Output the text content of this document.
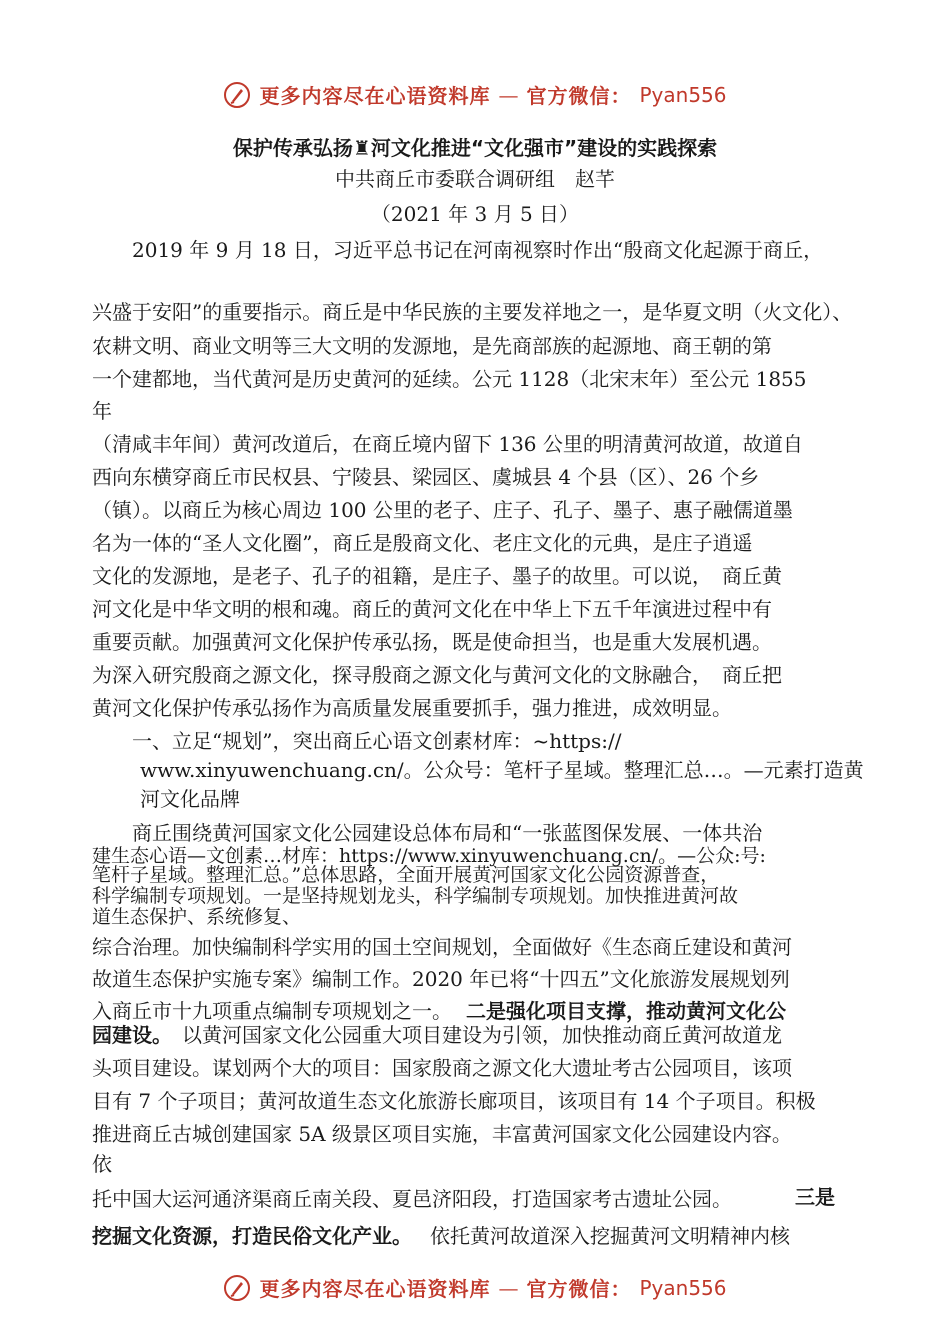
更多内容尽在心语资料库 — 官方微信： Pyan556
保护传承弘扬♜河文化推进“文化强市”建设的实践探索
中共商丘市委联合调研组　赵芊
（2021 年 3 月 5 日）
　　2019 年 9 月 18 日，习近平总书记在河南视察时作出“殷商文化起源于商丘，
兴盛于安阳”的重要指示。商丘是中华民族的主要发祥地之一，是华夏文明（火文化）、
农耕文明、商业文明等三大文明的发源地，是先商部族的起源地、商王朝的第
一个建都地，当代黄河是历史黄河的延续。公元 1128（北宋末年）至公元 1855
年
（清咸丰年间）黄河改道后，在商丘境内留下 136 公里的明清黄河故道，故道自
西向东横穿商丘市民权县、宁陵县、梁园区、虞城县 4 个县（区）、26 个乡
（镇）。以商丘为核心周边 100 公里的老子、庄子、孔子、墨子、惠子融儒道墨
名为一体的“圣人文化圈”，商丘是殷商文化、老庄文化的元典，是庄子逍遥
文化的发源地，是老子、孔子的祖籍，是庄子、墨子的故里。可以说，　商丘黄
河文化是中华文明的根和魂。商丘的黄河文化在中华上下五千年演进过程中有
重要贡献。加强黄河文化保护传承弘扬，既是使命担当，也是重大发展机遇。
为深入研究殷商之源文化，探寻殷商之源文化与黄河文化的文脉融合，　商丘把
黄河文化保护传承弘扬作为高质量发展重要抓手，强力推进，成效明显。
　　一、立足“规划”，突出商丘心语文创素材库：~https://
　　www.xinyuwenchuang.cn/。公众号：笔杆子星域。整理汇总…。—元素打造黄
　　河文化品牌
　　商丘围绕黄河国家文化公园建设总体布局和“一张蓝图保发展、一体共治
建生态心语—文创素…材库：https://www.xinyuwenchuang.cn/。—公众:号:
笔杆子星域。整理汇总。”总体思路，全面开展黄河国家文化公园资源普查，
科学编制专项规划。一是坚持规划龙头，科学编制专项规划。加快推进黄河故
道生态保护、系统修复、
综合治理。加快编制科学实用的国土空间规划，全面做好《生态商丘建设和黄河
故道生态保护实施专案》编制工作。2020 年已将“十四五”文化旅游发展规划列
入商丘市十九项重点编制专项规划之一。 二是强化项目支撑，推动黄河文化公
园建设。 以黄河国家文化公园重大项目建设为引领，加快推动商丘黄河故道龙
头项目建设。谋划两个大的项目：国家殷商之源文化大遗址考古公园项目，该项
目有 7 个子项目；黄河故道生态文化旅游长廊项目，该项目有 14 个子项目。积极
推进商丘古城创建国家 5A 级景区项目实施，丰富黄河国家文化公园建设内容。
依
托中国大运河通济渠商丘南关段、夏邑济阳段，打造国家考古遗址公园。	三是
挖掘文化资源，打造民俗文化产业。 依托黄河故道深入挖掘黄河文明精神内核
更多内容尽在心语资料库 — 官方微信： Pyan556
